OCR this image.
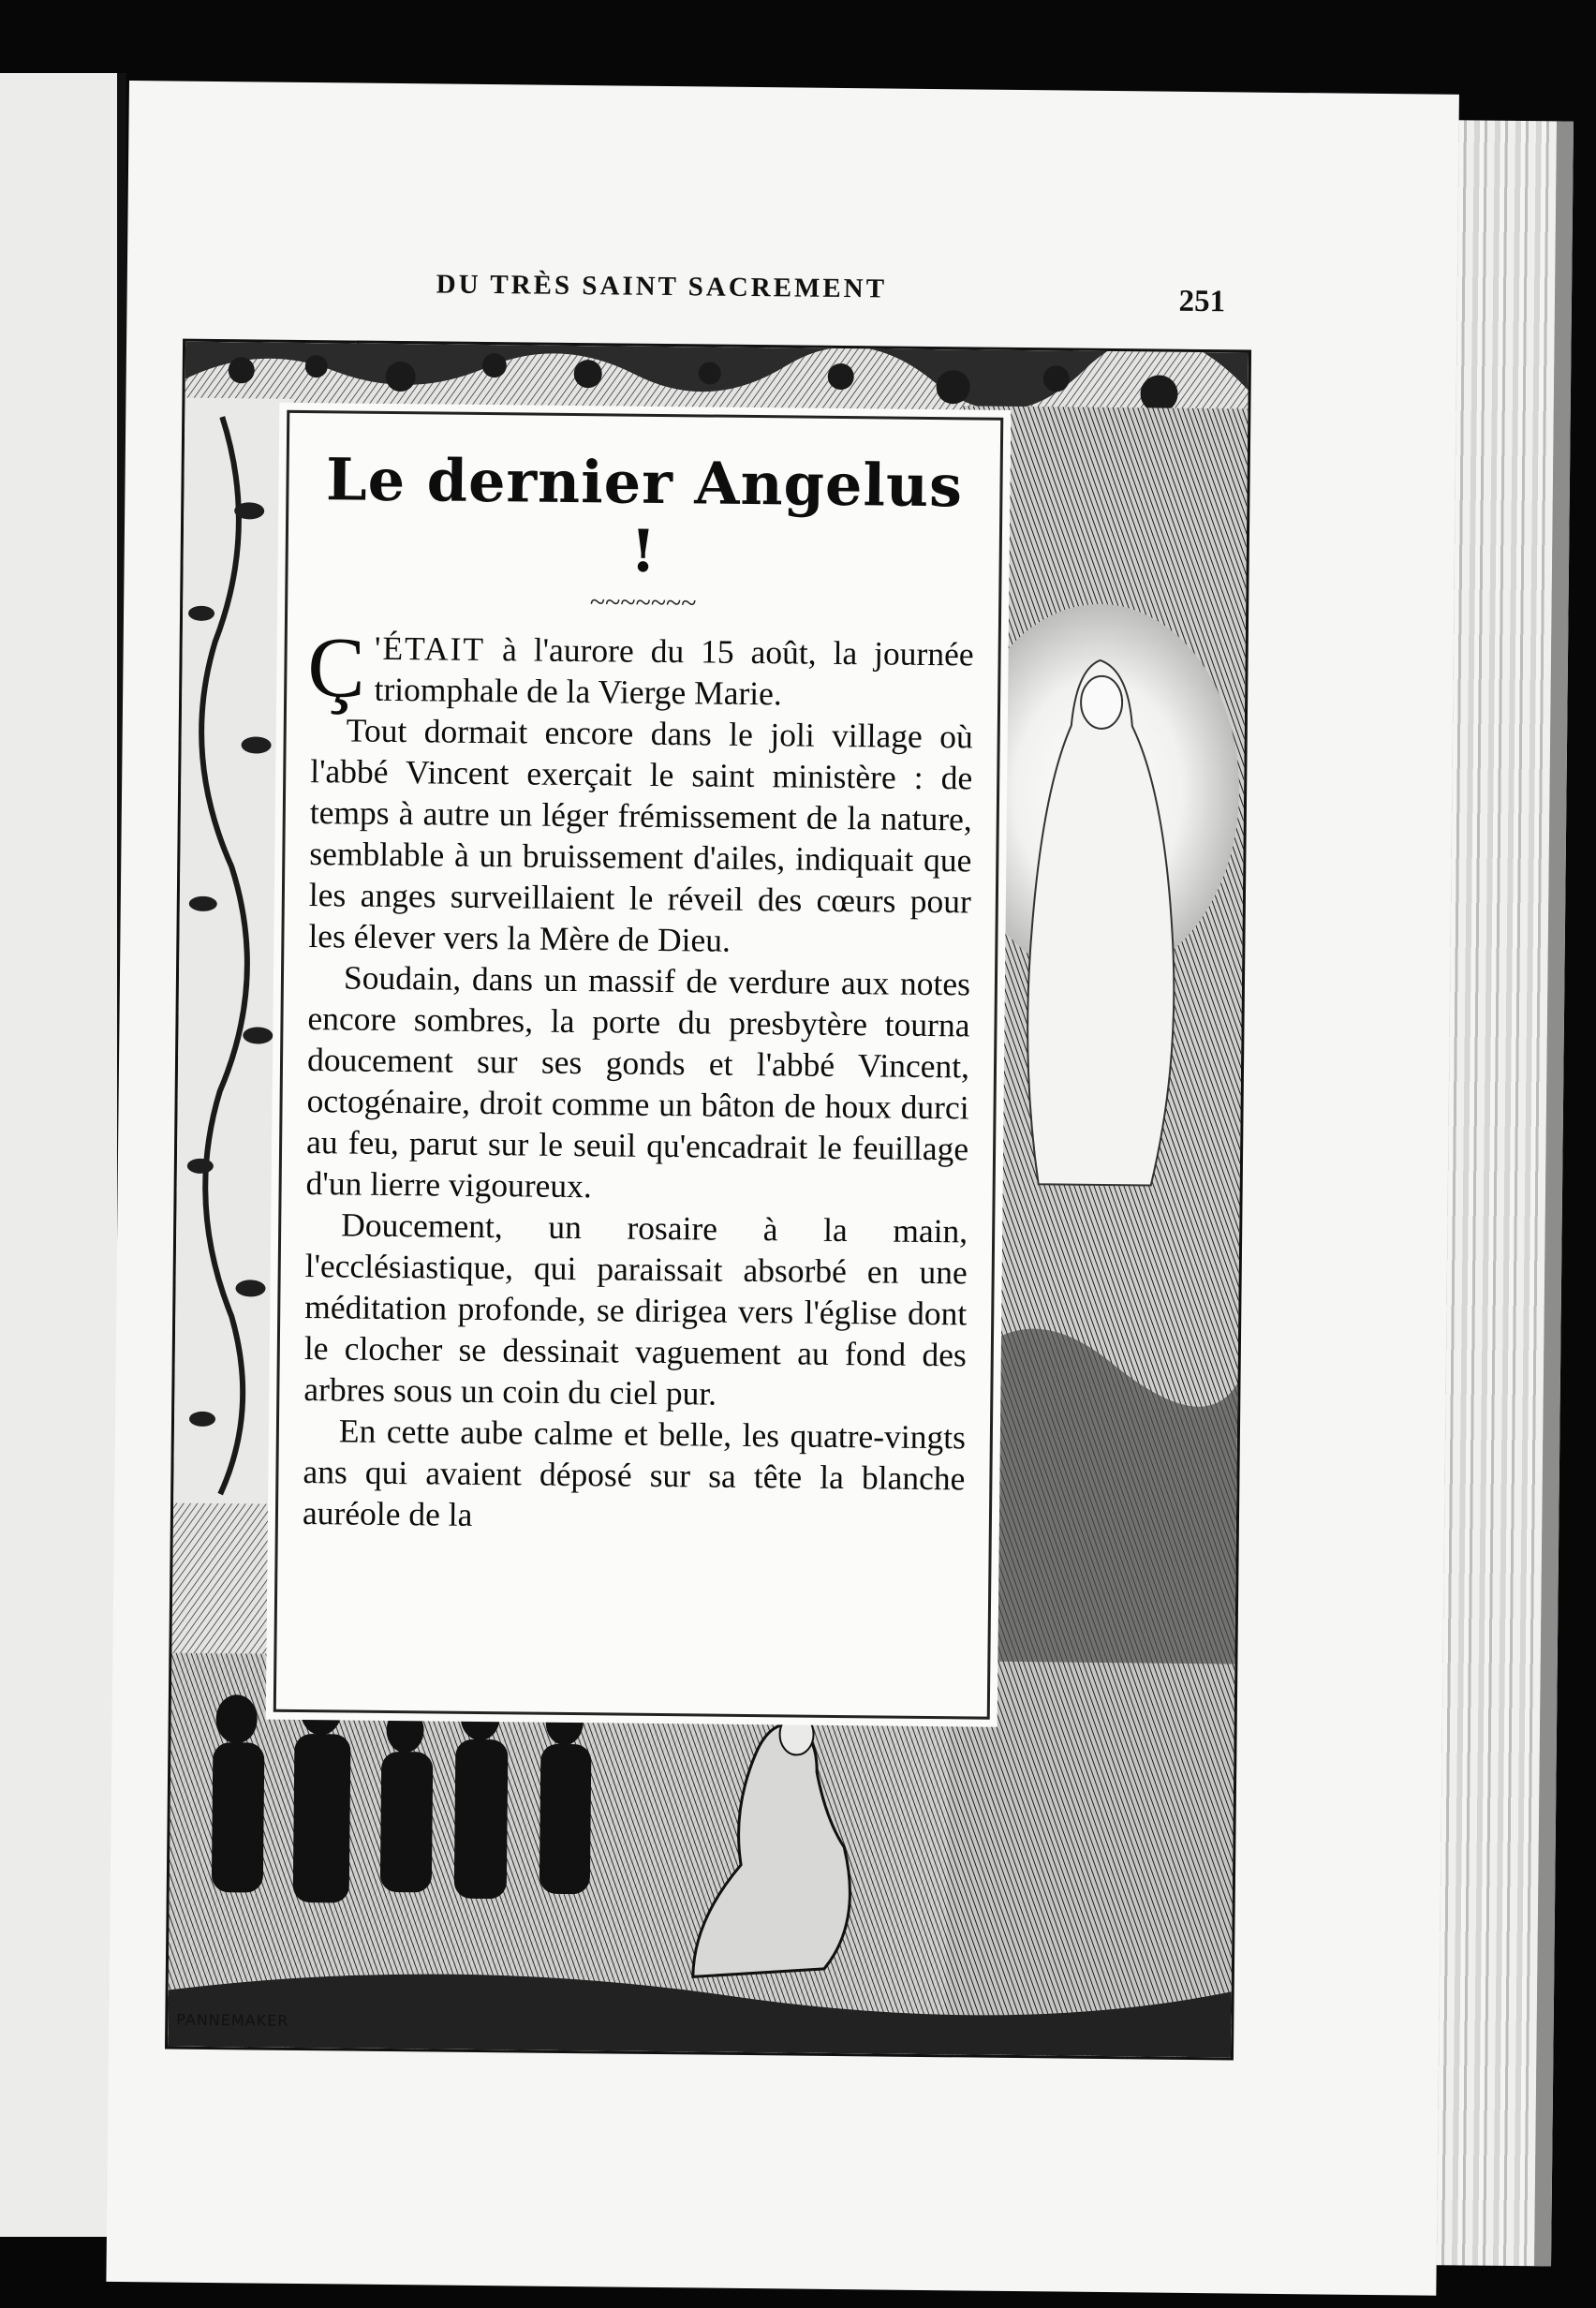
DU TRÈS SAINT SACREMENT	251
PANNEMAKER
Le dernier Angelus !
~~~~~~~

Ç 'ÉTAIT à l'aurore du 15 août, la journée triomphale de la Vierge Marie.

Tout dormait encore dans le joli village où l'abbé Vincent exerçait le saint ministère : de temps à autre un léger frémissement de la nature, semblable à un bruissement d'ailes, indiquait que les anges surveillaient le réveil des cœurs pour les élever vers la Mère de Dieu.

Soudain, dans un massif de verdure aux notes encore sombres, la porte du presbytère tourna doucement sur ses gonds et l'abbé Vincent, octogénaire, droit comme un bâton de houx durci au feu, parut sur le seuil qu'encadrait le feuillage d'un lierre vigoureux.

Doucement, un rosaire à la main, l'ecclésiastique, qui paraissait absorbé en une méditation profonde, se dirigea vers l'église dont le clocher se dessinait vaguement au fond des arbres sous un coin du ciel pur.

En cette aube calme et belle, les quatre-vingts ans qui avaient déposé sur sa tête la blanche auréole de la
